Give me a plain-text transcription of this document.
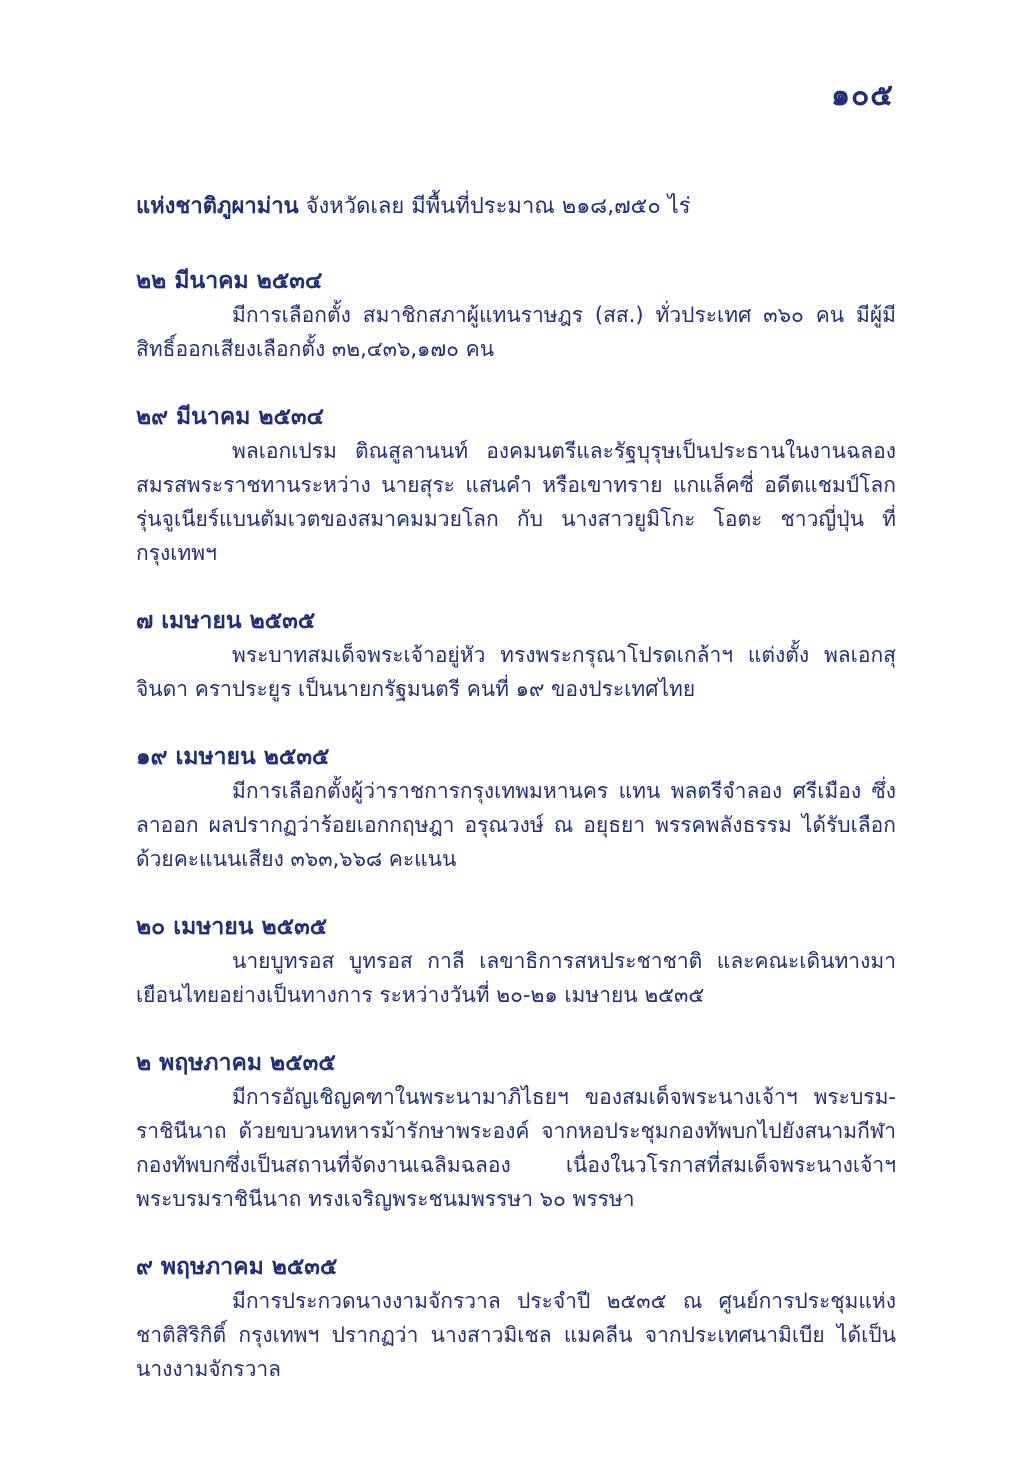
๑๐๕

แห่งชาติภูผาม่าน จังหวัดเลย มีพื้นที่ประมาณ ๒๑๘,๗๕๐ ไร่

๒๒ มีนาคม ๒๕๓๔

มีการเลือกตั้ง สมาชิกสภาผู้แทนราษฎร (สส.) ทั่วประเทศ ๓๖๐ คน มีผู้มีสิทธิ์ออกเสียงเลือกตั้ง ๓๒,๔๓๖,๑๗๐ คน

๒๙ มีนาคม ๒๕๓๔

พลเอกเปรม ติณสูลานนท์ องคมนตรีและรัฐบุรุษเป็นประธานในงานฉลองสมรสพระราชทานระหว่าง นายสุระ แสนคำ หรือเขาทราย แกแล็คซี่ อดีตแชมป์โลกรุ่นจูเนียร์แบนตัมเวตของสมาคมมวยโลก กับ นางสาวยูมิโกะ โอตะ ชาวญี่ปุ่น ที่กรุงเทพฯ

๗ เมษายน ๒๕๓๕

พระบาทสมเด็จพระเจ้าอยู่หัว ทรงพระกรุณาโปรดเกล้าฯ แต่งตั้ง พลเอกสุจินดา คราประยูร เป็นนายกรัฐมนตรี คนที่ ๑๙ ของประเทศไทย

๑๙ เมษายน ๒๕๓๕

มีการเลือกตั้งผู้ว่าราชการกรุงเทพมหานคร แทน พลตรีจำลอง ศรีเมือง ซึ่งลาออก ผลปรากฏว่าร้อยเอกกฤษฎา อรุณวงษ์ ณ อยุธยา พรรคพลังธรรม ได้รับเลือกด้วยคะแนนเสียง ๓๖๓,๖๖๘ คะแนน

๒๐ เมษายน ๒๕๓๕

นายบูทรอส บูทรอส กาลี เลขาธิการสหประชาชาติ และคณะเดินทางมาเยือนไทยอย่างเป็นทางการ ระหว่างวันที่ ๒๐-๒๑ เมษายน ๒๕๓๕

๒ พฤษภาคม ๒๕๓๕

มีการอัญเชิญคฑาในพระนามาภิไธยฯ ของสมเด็จพระนางเจ้าฯ พระบรม-ราชินีนาถ ด้วยขบวนทหารม้ารักษาพระองค์ จากหอประชุมกองทัพบกไปยังสนามกีฬากองทัพบกซึ่งเป็นสถานที่จัดงานเฉลิมฉลอง เนื่องในวโรกาสที่สมเด็จพระนางเจ้าฯ พระบรมราชินีนาถ ทรงเจริญพระชนมพรรษา ๖๐ พรรษา

๙ พฤษภาคม ๒๕๓๕

มีการประกวดนางงามจักรวาล ประจำปี ๒๕๓๕ ณ ศูนย์การประชุมแห่งชาติสิริกิติ์ กรุงเทพฯ ปรากฏว่า นางสาวมิเชล แมคลีน จากประเทศนามิเบีย ได้เป็นนางงามจักรวาล
